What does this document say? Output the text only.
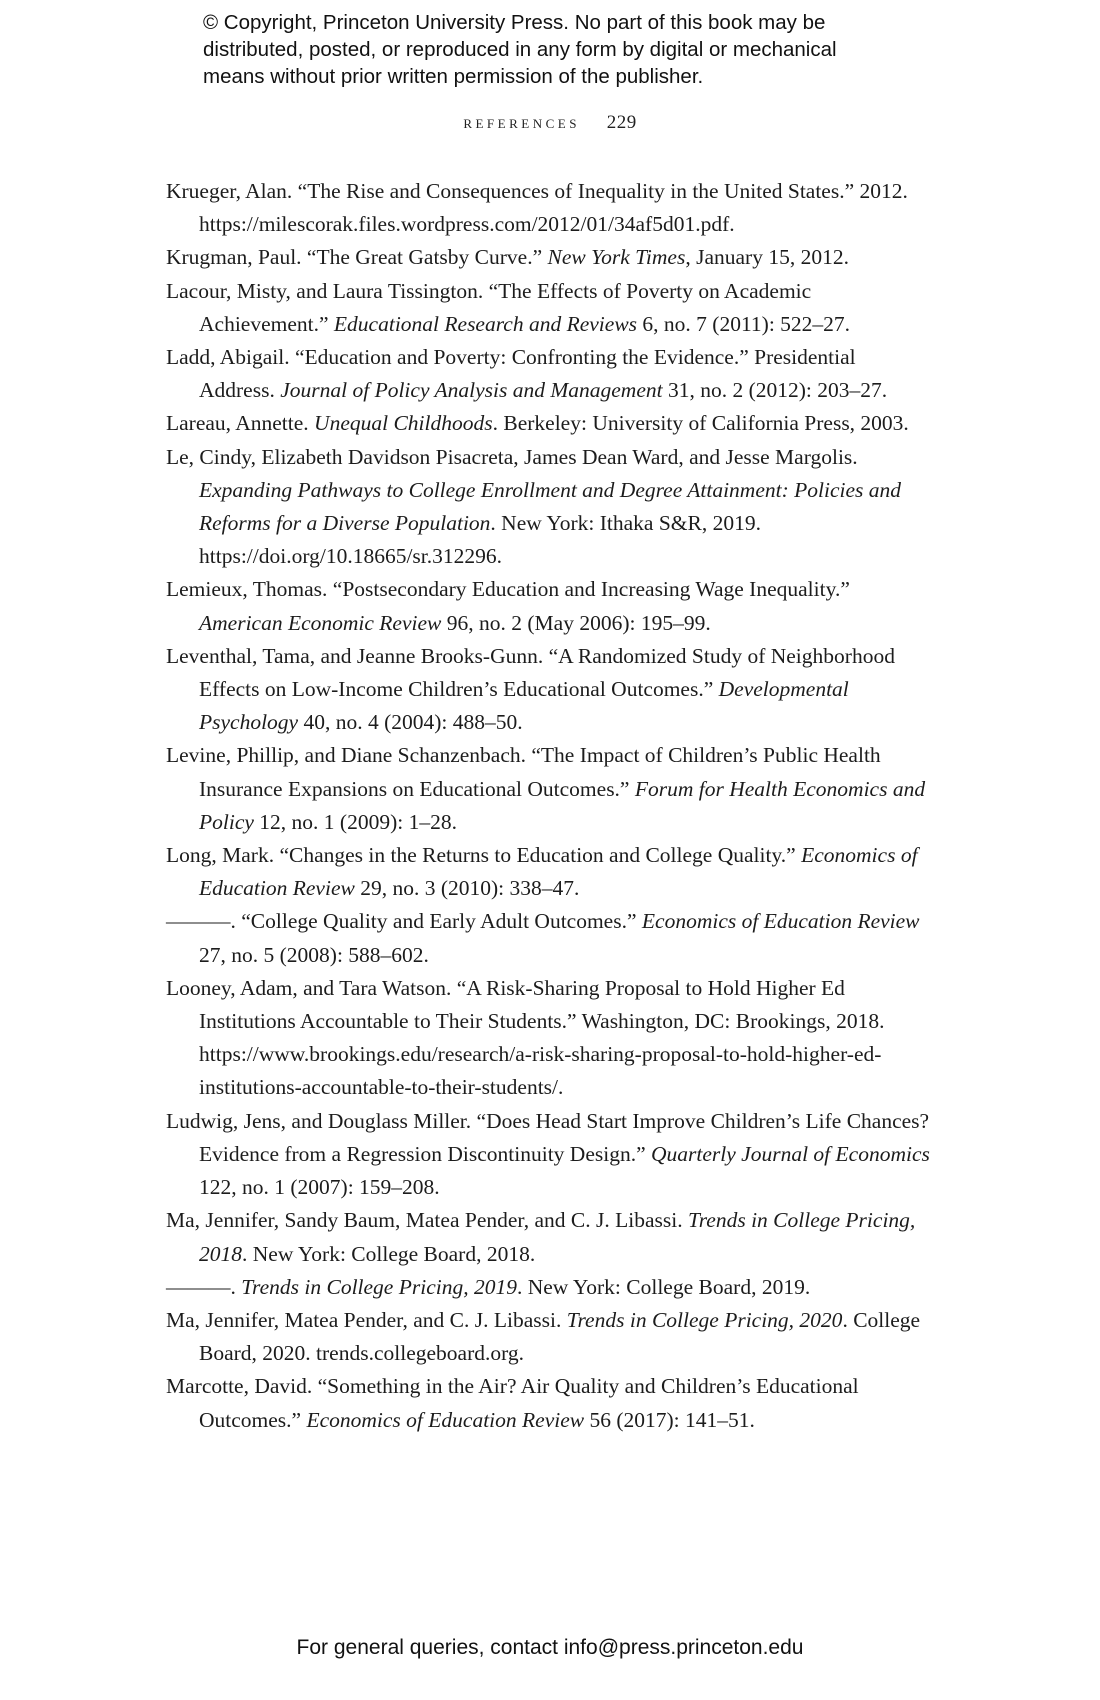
© Copyright, Princeton University Press. No part of this book may be
distributed, posted, or reproduced in any form by digital or mechanical
means without prior written permission of the publisher.
references 229
Krueger, Alan. “The Rise and Consequences of Inequality in the United States.” 2012. https://milescorak.files.wordpress.com/2012/01/34af5d01.pdf.
Krugman, Paul. “The Great Gatsby Curve.” New York Times, January 15, 2012.
Lacour, Misty, and Laura Tissington. “The Effects of Poverty on Academic Achievement.” Educational Research and Reviews 6, no. 7 (2011): 522–27.
Ladd, Abigail. “Education and Poverty: Confronting the Evidence.” Presidential Address. Journal of Policy Analysis and Management 31, no. 2 (2012): 203–27.
Lareau, Annette. Unequal Childhoods. Berkeley: University of California Press, 2003.
Le, Cindy, Elizabeth Davidson Pisacreta, James Dean Ward, and Jesse Margolis. Expanding Pathways to College Enrollment and Degree Attainment: Policies and Reforms for a Diverse Population. New York: Ithaka S&R, 2019. https://doi.org/10.18665/sr.312296.
Lemieux, Thomas. “Postsecondary Education and Increasing Wage Inequality.” American Economic Review 96, no. 2 (May 2006): 195–99.
Leventhal, Tama, and Jeanne Brooks-Gunn. “A Randomized Study of Neighborhood Effects on Low-Income Children’s Educational Outcomes.” Developmental Psychology 40, no. 4 (2004): 488–50.
Levine, Phillip, and Diane Schanzenbach. “The Impact of Children’s Public Health Insurance Expansions on Educational Outcomes.” Forum for Health Economics and Policy 12, no. 1 (2009): 1–28.
Long, Mark. “Changes in the Returns to Education and College Quality.” Economics of Education Review 29, no. 3 (2010): 338–47.
———. “College Quality and Early Adult Outcomes.” Economics of Education Review 27, no. 5 (2008): 588–602.
Looney, Adam, and Tara Watson. “A Risk-Sharing Proposal to Hold Higher Ed Institutions Accountable to Their Students.” Washington, DC: Brookings, 2018. https://www.brookings.edu/research/a-risk-sharing-proposal-to-hold-higher-ed-institutions-accountable-to-their-students/.
Ludwig, Jens, and Douglass Miller. “Does Head Start Improve Children’s Life Chances? Evidence from a Regression Discontinuity Design.” Quarterly Journal of Economics 122, no. 1 (2007): 159–208.
Ma, Jennifer, Sandy Baum, Matea Pender, and C. J. Libassi. Trends in College Pricing, 2018. New York: College Board, 2018.
———. Trends in College Pricing, 2019. New York: College Board, 2019.
Ma, Jennifer, Matea Pender, and C. J. Libassi. Trends in College Pricing, 2020. College Board, 2020. trends.collegeboard.org.
Marcotte, David. “Something in the Air? Air Quality and Children’s Educational Outcomes.” Economics of Education Review 56 (2017): 141–51.
For general queries, contact info@press.princeton.edu
